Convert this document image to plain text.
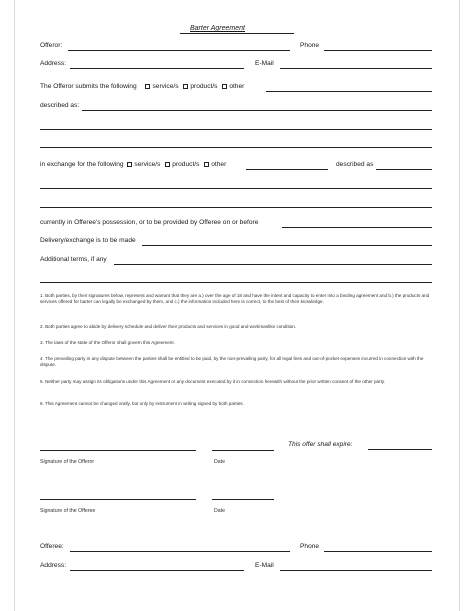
Barter Agreement
Offeror:	Phone
Address:	E-Mail
The Offeror submits the following service/s product/s other
described as:
in exchange for the following service/s product/s other	described as
currently in Offeree's possession, or to be provided by Offeree on or before
Delivery/exchange is to be made
Additional terms, if any
1. Both parties, by their signatures below, represent and warrant that they are a.) over the age of 18 and have the intent and capacity to enter into a binding agreement and b.) the products and services offered for barter can legally be exchanged by them, and c.) the information included here is correct, to the best of their knowledge.
2. Both parties agree to abide by delivery schedule and deliver their products and services in good and workmanlike condition.
3. The laws of the state of the Offeror shall govern this Agreement.
4. The prevailing party in any dispute between the parties shall be entitled to be paid, by the non-prevailing party, for all legal fees and out-of-pocket expenses incurred in connection with the dispute.
5. Neither party may assign its obligations under this Agreement or any document executed by it in connection herewith without the prior written consent of the other party.
6. This Agreement cannot be changed orally, but only by instrument in writing signed by both parties.
This offer shall expire:
Signature of the Offeror	Date
Signature of the Offeree	Date
Offeree:	Phone
Address:	E-Mail
